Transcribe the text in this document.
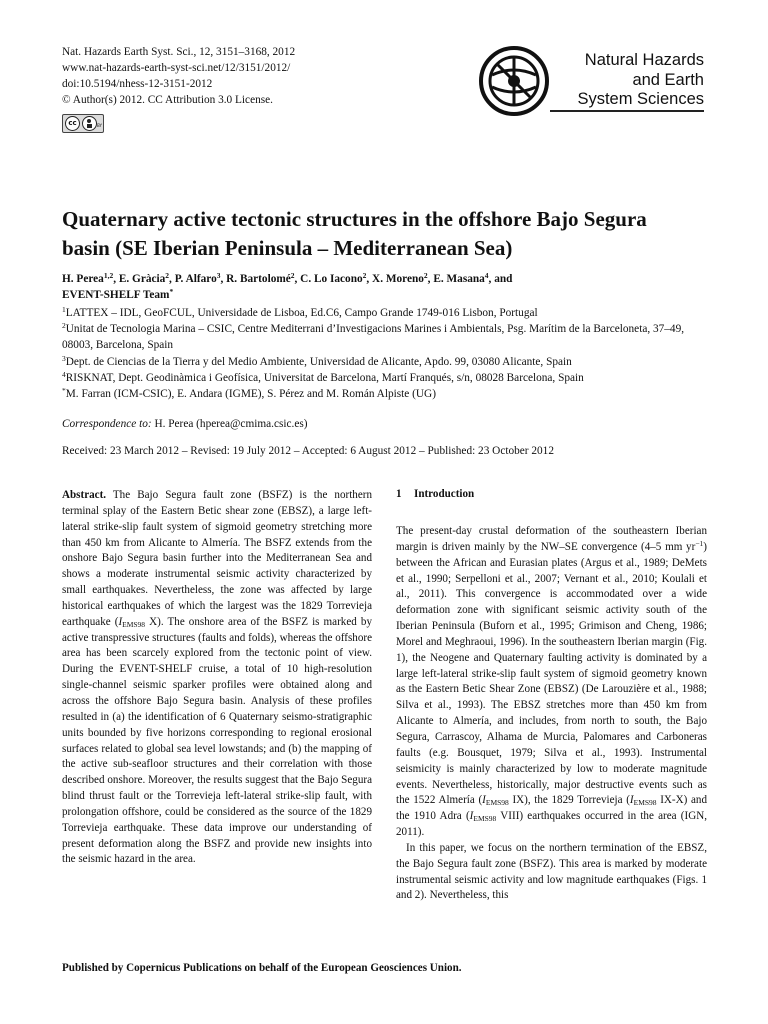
Nat. Hazards Earth Syst. Sci., 12, 3151–3168, 2012
www.nat-hazards-earth-syst-sci.net/12/3151/2012/
doi:10.5194/nhess-12-3151-2012
© Author(s) 2012. CC Attribution 3.0 License.
cc	BY
Natural Hazards
and Earth
System Sciences
Quaternary active tectonic structures in the offshore Bajo Segura
basin (SE Iberian Peninsula – Mediterranean Sea)
H. Perea$^{1,2}$, E. Gràcia$^2$, P. Alfaro$^3$, R. Bartolomé$^2$, C. Lo Iacono$^2$, X. Moreno$^2$, E. Masana$^4$, and
EVENT-SHELF Team*
$^1$LATTEX – IDL, GeoFCUL, Universidade de Lisboa, Ed.C6, Campo Grande 1749-016 Lisbon, Portugal
$^2$Unitat de Tecnologia Marina – CSIC, Centre Mediterrani d’Investigacions Marines i Ambientals, Psg. Marítim de la Barceloneta, 37–49, 08003, Barcelona, Spain
$^3$Dept. de Ciencias de la Tierra y del Medio Ambiente, Universidad de Alicante, Apdo. 99, 03080 Alicante, Spain
$^4$RISKNAT, Dept. Geodinàmica i Geofísica, Universitat de Barcelona, Martí Franqués, s/n, 08028 Barcelona, Spain
*M. Farran (ICM-CSIC), E. Andara (IGME), S. Pérez and M. Román Alpiste (UG)
Correspondence to: H. Perea (hperea@cmima.csic.es)
Received: 23 March 2012 – Revised: 19 July 2012 – Accepted: 6 August 2012 – Published: 23 October 2012

Abstract. The Bajo Segura fault zone (BSFZ) is the northern terminal splay of the Eastern Betic shear zone (EBSZ), a large left-lateral strike-slip fault system of sigmoid geometry stretching more than 450 km from Alicante to Almería. The BSFZ extends from the onshore Bajo Segura basin further into the Mediterranean Sea and shows a moderate instrumental seismic activity characterized by small earthquakes. Nevertheless, the zone was affected by large historical earthquakes of which the largest was the 1829 Torrevieja earthquake ($I_{EMS98}$ X). The onshore area of the BSFZ is marked by active transpressive structures (faults and folds), whereas the offshore area has been scarcely explored from the tectonic point of view. During the EVENT-SHELF cruise, a total of 10 high-resolution single-channel seismic sparker profiles were obtained along and across the offshore Bajo Segura basin. Analysis of these profiles resulted in (a) the identification of 6 Quaternary seismo-stratigraphic units bounded by five horizons corresponding to regional erosional surfaces related to global sea level lowstands; and (b) the mapping of the active sub-seafloor structures and their correlation with those described onshore. Moreover, the results suggest that the Bajo Segura blind thrust fault or the Torrevieja left-lateral strike-slip fault, with prolongation offshore, could be considered as the source of the 1829 Torrevieja earthquake. These data improve our understanding of present deformation along the BSFZ and provide new insights into the seismic hazard in the area.

1 Introduction

The present-day crustal deformation of the southeastern Iberian margin is driven mainly by the NW–SE convergence (4–5 mm $yr^{-1}$) between the African and Eurasian plates (Argus et al., 1989; DeMets et al., 1990; Serpelloni et al., 2007; Vernant et al., 2010; Koulali et al., 2011). This convergence is accommodated over a wide deformation zone with significant seismic activity south of the Iberian Peninsula (Buforn et al., 1995; Grimison and Cheng, 1986; Morel and Meghraoui, 1996). In the southeastern Iberian margin (Fig. 1), the Neogene and Quaternary faulting activity is dominated by a large left-lateral strike-slip fault system of sigmoid geometry known as the Eastern Betic Shear Zone (EBSZ) (De Larouzière et al., 1988; Silva et al., 1993). The EBSZ stretches more than 450 km from Alicante to Almería, and includes, from north to south, the Bajo Segura, Carrascoy, Alhama de Murcia, Palomares and Carboneras faults (e.g. Bousquet, 1979; Silva et al., 1993). Instrumental seismicity is mainly characterized by low to moderate magnitude events. Nevertheless, historically, major destructive events such as the 1522 Almería ($I_{EMS98}$ IX), the 1829 Torrevieja ($I_{EMS98}$ IX-X) and the 1910 Adra ($I_{EMS98}$ VIII) earthquakes occurred in the area (IGN, 2011).

In this paper, we focus on the northern termination of the EBSZ, the Bajo Segura fault zone (BSFZ). This area is marked by moderate instrumental seismic activity and low magnitude earthquakes (Figs. 1 and 2). Nevertheless, this

Published by Copernicus Publications on behalf of the European Geosciences Union.
